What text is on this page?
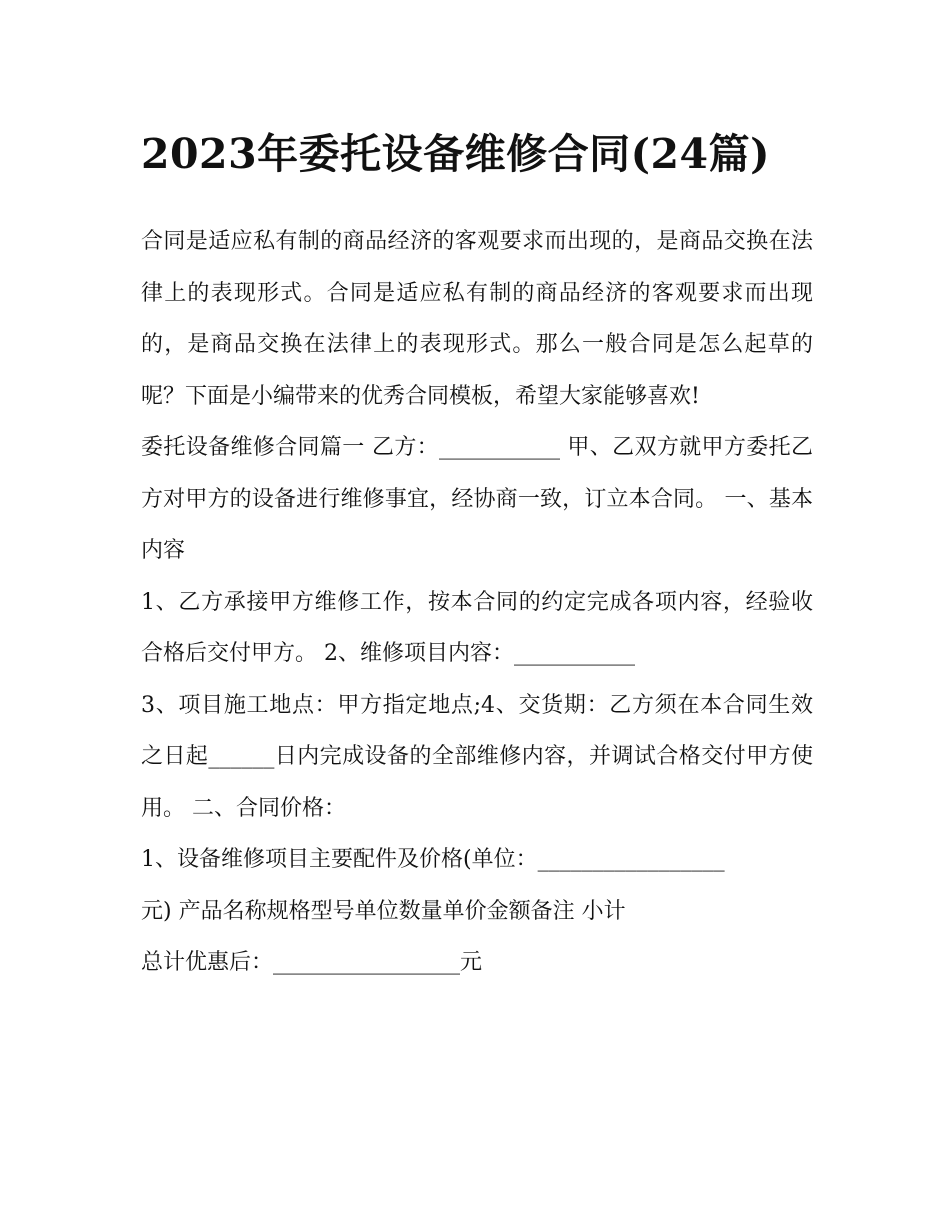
2023年委托设备维修合同(24篇)

合同是适应私有制的商品经济的客观要求而出现的，是商品交换在法律上的表现形式。合同是适应私有制的商品经济的客观要求而出现的，是商品交换在法律上的表现形式。那么一般合同是怎么起草的呢？下面是小编带来的优秀合同模板，希望大家能够喜欢!

委托设备维修合同篇一 乙方：___________ 甲、乙双方就甲方委托乙方对甲方的设备进行维修事宜，经协商一致，订立本合同。 一、基本内容

1、乙方承接甲方维修工作，按本合同的约定完成各项内容，经验收合格后交付甲方。 2、维修项目内容：___________

3、项目施工地点：甲方指定地点;4、交货期：乙方须在本合同生效之日起______日内完成设备的全部维修内容，并调试合格交付甲方使用。 二、合同价格：

1、设备维修项目主要配件及价格(单位：_________________

元) 产品名称规格型号单位数量单价金额备注 小计

总计优惠后：_________________元
